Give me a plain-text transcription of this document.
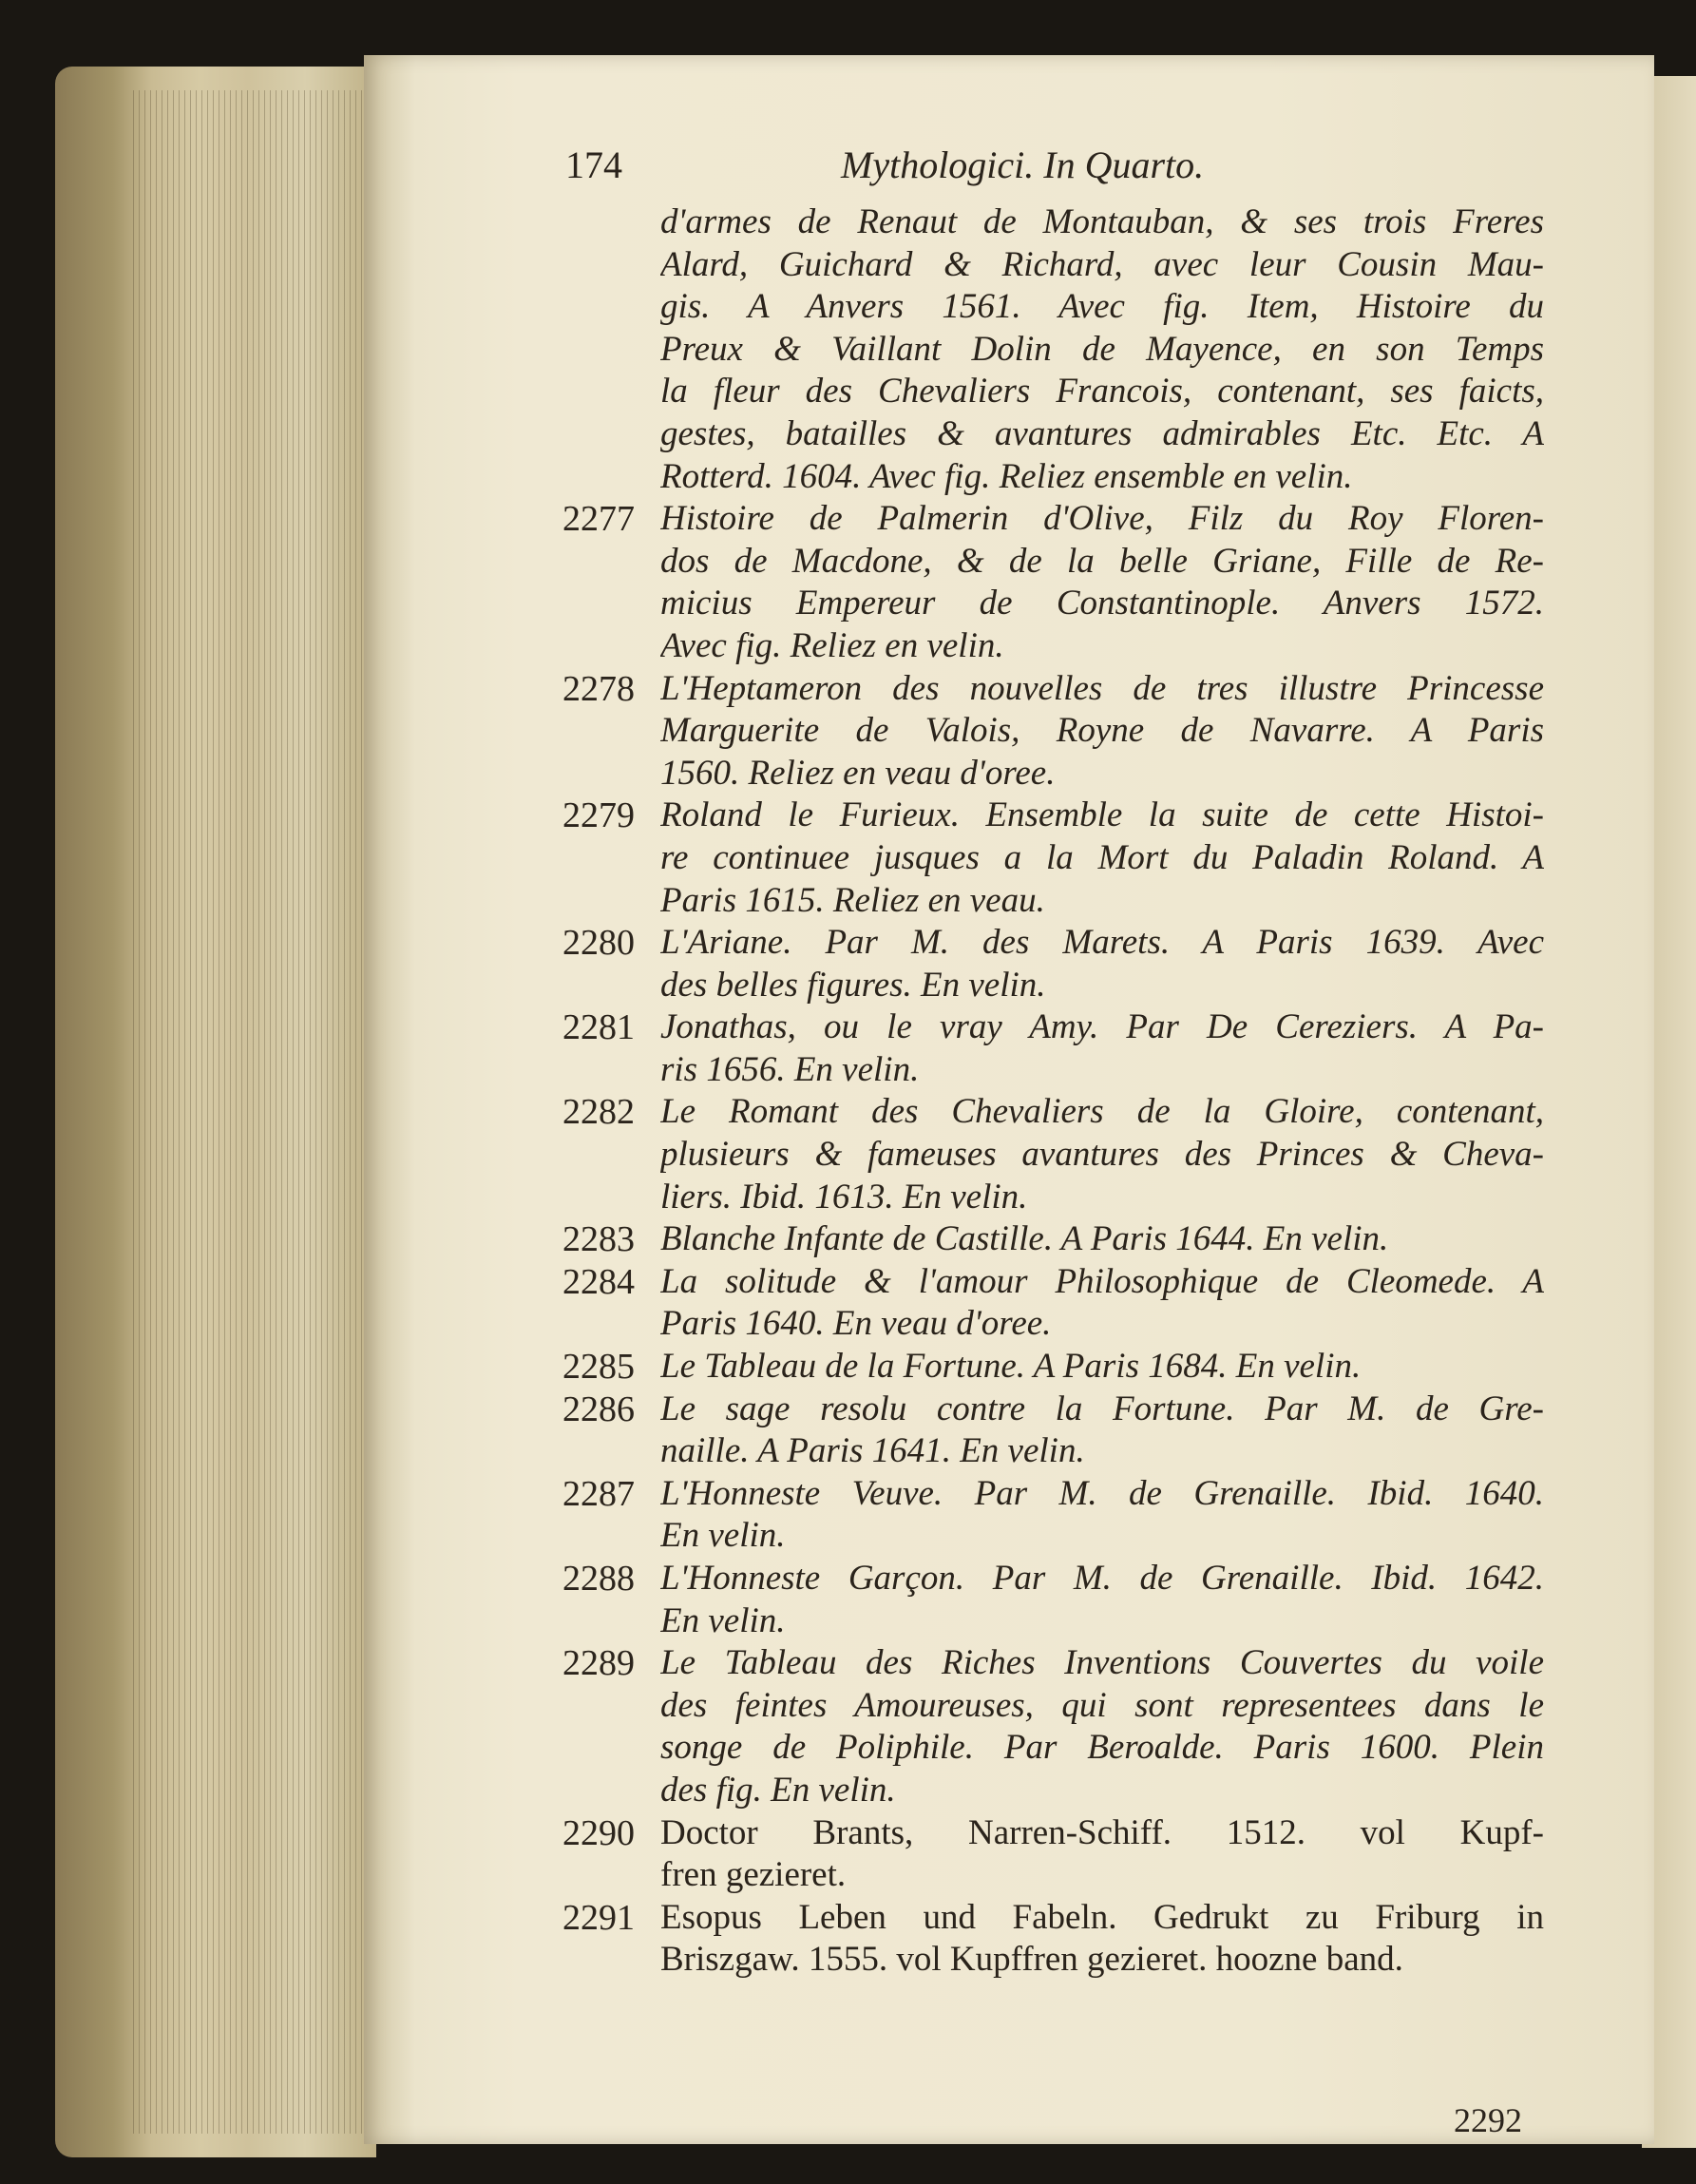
174	Mythologici. In Quarto.
d'armes de Renaut de Montauban, & ses trois Freres
Alard, Guichard & Richard, avec leur Cousin Mau-
gis. A Anvers 1561. Avec fig. Item, Histoire du
Preux & Vaillant Dolin de Mayence, en son Temps
la fleur des Chevaliers Francois, contenant, ses faicts,
gestes, batailles & avantures admirables Etc. Etc. A
Rotterd. 1604. Avec fig. Reliez ensemble en velin.
2277 Histoire de Palmerin d'Olive, Filz du Roy Floren-
dos de Macdone, & de la belle Griane, Fille de Re-
micius Empereur de Constantinople. Anvers 1572.
Avec fig. Reliez en velin.
2278 L'Heptameron des nouvelles de tres illustre Princesse
Marguerite de Valois, Royne de Navarre. A Paris
1560. Reliez en veau d'oree.
2279 Roland le Furieux. Ensemble la suite de cette Histoi-
re continuee jusques a la Mort du Paladin Roland. A
Paris 1615. Reliez en veau.
2280 L'Ariane. Par M. des Marets. A Paris 1639. Avec
des belles figures. En velin.
2281 Jonathas, ou le vray Amy. Par De Cereziers. A Pa-
ris 1656. En velin.
2282 Le Romant des Chevaliers de la Gloire, contenant,
plusieurs & fameuses avantures des Princes & Cheva-
liers. Ibid. 1613. En velin.
2283 Blanche Infante de Castille. A Paris 1644. En velin.
2284 La solitude & l'amour Philosophique de Cleomede. A
Paris 1640. En veau d'oree.
2285 Le Tableau de la Fortune. A Paris 1684. En velin.
2286 Le sage resolu contre la Fortune. Par M. de Gre-
naille. A Paris 1641. En velin.
2287 L'Honneste Veuve. Par M. de Grenaille. Ibid. 1640.
En velin.
2288 L'Honneste Garçon. Par M. de Grenaille. Ibid. 1642.
En velin.
2289 Le Tableau des Riches Inventions Couvertes du voile
des feintes Amoureuses, qui sont representees dans le
songe de Poliphile. Par Beroalde. Paris 1600. Plein
des fig. En velin.
2290 Doctor Brants, Narren-Schiff. 1512. vol Kupf-
fren gezieret.
2291 Esopus Leben und Fabeln. Gedrukt zu Friburg in
Briszgaw. 1555. vol Kupffren gezieret. hoozne band.
2292
